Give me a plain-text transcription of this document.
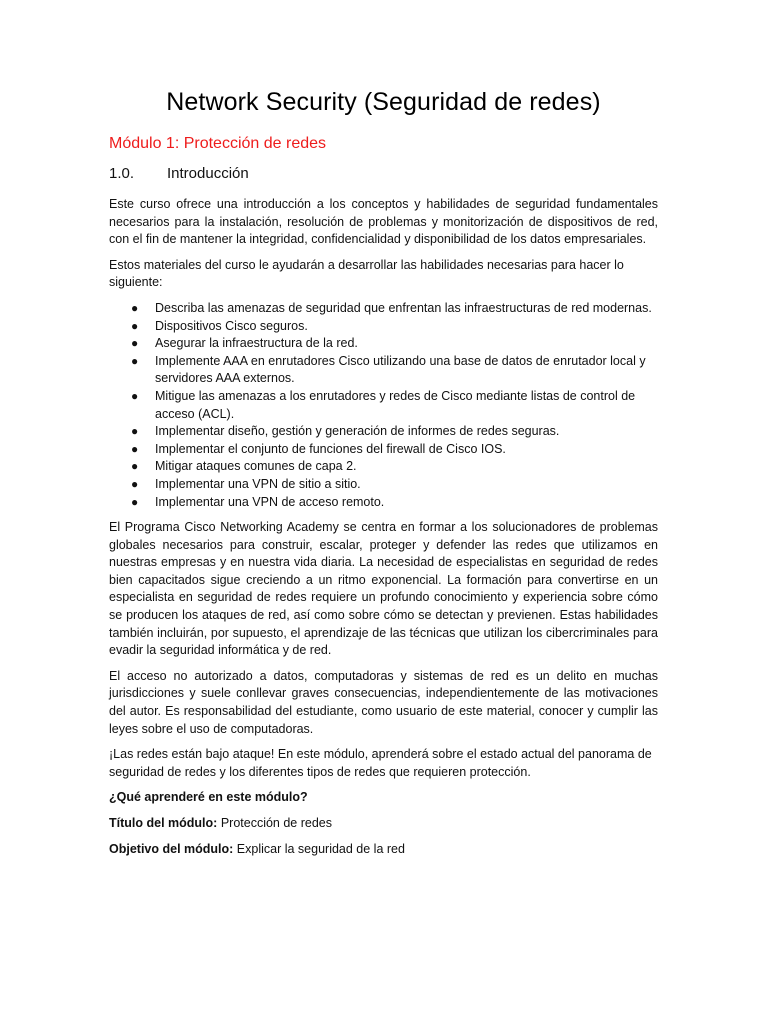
Network Security (Seguridad de redes)
Módulo 1: Protección de redes
1.0.	Introducción

Este curso ofrece una introducción a los conceptos y habilidades de seguridad fundamentales necesarios para la instalación, resolución de problemas y monitorización de dispositivos de red, con el fin de mantener la integridad, confidencialidad y disponibilidad de los datos empresariales.

Estos materiales del curso le ayudarán a desarrollar las habilidades necesarias para hacer lo siguiente:

● Describa las amenazas de seguridad que enfrentan las infraestructuras de red modernas.
● Dispositivos Cisco seguros.
● Asegurar la infraestructura de la red.
● Implemente AAA en enrutadores Cisco utilizando una base de datos de enrutador local y servidores AAA externos.
● Mitigue las amenazas a los enrutadores y redes de Cisco mediante listas de control de acceso (ACL).
● Implementar diseño, gestión y generación de informes de redes seguras.
● Implementar el conjunto de funciones del firewall de Cisco IOS.
● Mitigar ataques comunes de capa 2.
● Implementar una VPN de sitio a sitio.
● Implementar una VPN de acceso remoto.

El Programa Cisco Networking Academy se centra en formar a los solucionadores de problemas globales necesarios para construir, escalar, proteger y defender las redes que utilizamos en nuestras empresas y en nuestra vida diaria. La necesidad de especialistas en seguridad de redes bien capacitados sigue creciendo a un ritmo exponencial. La formación para convertirse en un especialista en seguridad de redes requiere un profundo conocimiento y experiencia sobre cómo se producen los ataques de red, así como sobre cómo se detectan y previenen. Estas habilidades también incluirán, por supuesto, el aprendizaje de las técnicas que utilizan los cibercriminales para evadir la seguridad informática y de red.

El acceso no autorizado a datos, computadoras y sistemas de red es un delito en muchas jurisdicciones y suele conllevar graves consecuencias, independientemente de las motivaciones del autor. Es responsabilidad del estudiante, como usuario de este material, conocer y cumplir las leyes sobre el uso de computadoras.

¡Las redes están bajo ataque! En este módulo, aprenderá sobre el estado actual del panorama de seguridad de redes y los diferentes tipos de redes que requieren protección.

¿Qué aprenderé en este módulo?

Título del módulo: Protección de redes

Objetivo del módulo: Explicar la seguridad de la red
